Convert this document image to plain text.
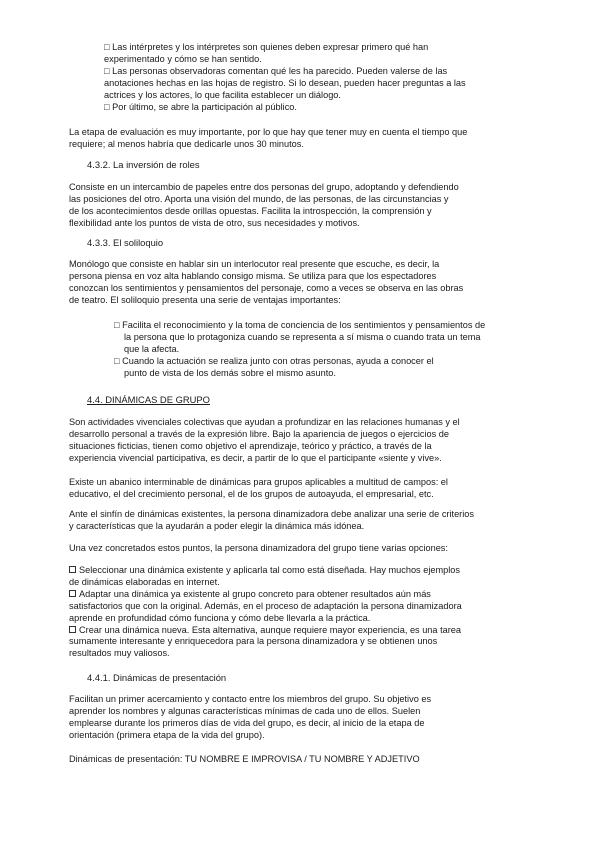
□ Las intérpretes y los intérpretes son quienes deben expresar primero qué han
experimentado y cómo se han sentido.
□ Las personas observadoras comentan qué les ha parecido. Pueden valerse de las
anotaciones hechas en las hojas de registro. Si lo desean, pueden hacer preguntas a las
actrices y los actores, lo que facilita establecer un diálogo.
□ Por último, se abre la participación al público.
La etapa de evaluación es muy importante, por lo que hay que tener muy en cuenta el tiempo que
requiere; al menos habría que dedicarle unos 30 minutos.
4.3.2. La inversión de roles
Consiste en un intercambio de papeles entre dos personas del grupo, adoptando y defendiendo
las posiciones del otro. Aporta una visión del mundo, de las personas, de las circunstancias y
de los acontecimientos desde orillas opuestas. Facilita la introspección, la comprensión y
flexibilidad ante los puntos de vista de otro, sus necesidades y motivos.
4.3.3. El soliloquio
Monólogo que consiste en hablar sin un interlocutor real presente que escuche, es decir, la
persona piensa en voz alta hablando consigo misma. Se utiliza para que los espectadores
conozcan los sentimientos y pensamientos del personaje, como a veces se observa en las obras
de teatro. El soliloquio presenta una serie de ventajas importantes:
□ Facilita el reconocimiento y la toma de conciencia de los sentimientos y pensamientos de
la persona que lo protagoniza cuando se representa a sí misma o cuando trata un tema
que la afecta.
□ Cuando la actuación se realiza junto con otras personas, ayuda a conocer el
punto de vista de los demás sobre el mismo asunto.
4.4. DINÁMICAS DE GRUPO
Son actividades vivenciales colectivas que ayudan a profundizar en las relaciones humanas y el
desarrollo personal a través de la expresión libre. Bajo la apariencia de juegos o ejercicios de
situaciones ficticias, tienen como objetivo el aprendizaje, teórico y práctico, a través de la
experiencia vivencial participativa, es decir, a partir de lo que el participante «siente y vive».
Existe un abanico interminable de dinámicas para grupos aplicables a multitud de campos: el
educativo, el del crecimiento personal, el de los grupos de autoayuda, el empresarial, etc.
Ante el sinfín de dinámicas existentes, la persona dinamizadora debe analizar una serie de criterios
y características que la ayudarán a poder elegir la dinámica más idónea.
Una vez concretados estos puntos, la persona dinamizadora del grupo tiene varias opciones:
Seleccionar una dinámica existente y aplicarla tal como está diseñada. Hay muchos ejemplos
de dinámicas elaboradas en internet.
Adaptar una dinámica ya existente al grupo concreto para obtener resultados aún más
satisfactorios que con la original. Además, en el proceso de adaptación la persona dinamizadora
aprende en profundidad cómo funciona y cómo debe llevarla a la práctica.
Crear una dinámica nueva. Esta alternativa, aunque requiere mayor experiencia, es una tarea
sumamente interesante y enriquecedora para la persona dinamizadora y se obtienen unos
resultados muy valiosos.
4.4.1. Dinámicas de presentación
Facilitan un primer acercamiento y contacto entre los miembros del grupo. Su objetivo es
aprender los nombres y algunas características mínimas de cada uno de ellos. Suelen
emplearse durante los primeros días de vida del grupo, es decir, al inicio de la etapa de
orientación (primera etapa de la vida del grupo).
Dinámicas de presentación: TU NOMBRE E IMPROVISA / TU NOMBRE Y ADJETIVO
